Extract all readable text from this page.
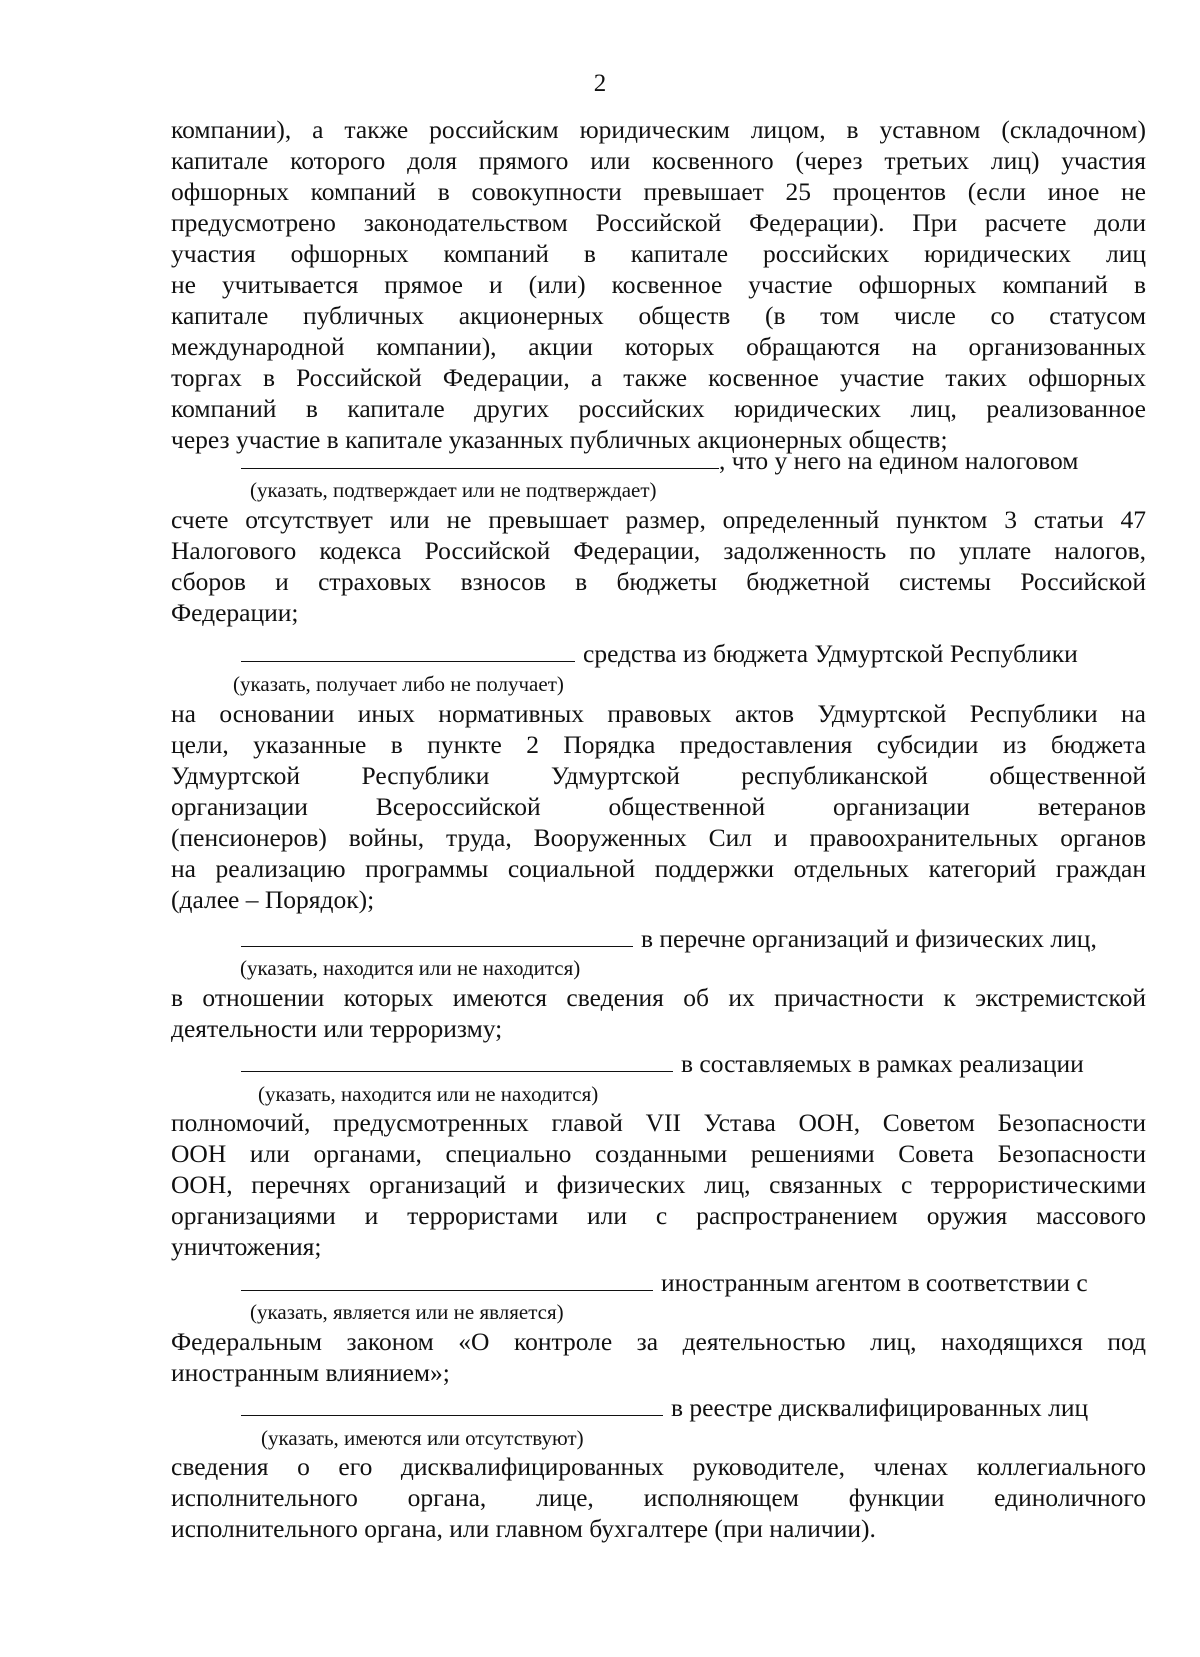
2
компании), а также российским юридическим лицом, в уставном (складочном)
капитале которого доля прямого или косвенного (через третьих лиц) участия
офшорных компаний в совокупности превышает 25 процентов (если иное не
предусмотрено законодательством Российской Федерации). При расчете доли
участия офшорных компаний в капитале российских юридических лиц
не учитывается прямое и (или) косвенное участие офшорных компаний в
капитале публичных акционерных обществ (в том числе со статусом
международной компании), акции которых обращаются на организованных
торгах в Российской Федерации, а также косвенное участие таких офшорных
компаний в капитале других российских юридических лиц, реализованное
через участие в капитале указанных публичных акционерных обществ;
, что у него на едином налоговом
(указать, подтверждает или не подтверждает)
счете отсутствует или не превышает размер, определенный пунктом 3 статьи 47
Налогового кодекса Российской Федерации, задолженность по уплате налогов,
сборов и страховых взносов в бюджеты бюджетной системы Российской
Федерации;
средства из бюджета Удмуртской Республики
(указать, получает либо не получает)
на основании иных нормативных правовых актов Удмуртской Республики на
цели, указанные в пункте 2 Порядка предоставления субсидии из бюджета
Удмуртской Республики Удмуртской республиканской общественной
организации Всероссийской общественной организации ветеранов
(пенсионеров) войны, труда, Вооруженных Сил и правоохранительных органов
на реализацию программы социальной поддержки отдельных категорий граждан
(далее – Порядок);
в перечне организаций и физических лиц,
(указать, находится или не находится)
в отношении которых имеются сведения об их причастности к экстремистской
деятельности или терроризму;
в составляемых в рамках реализации
(указать, находится или не находится)
полномочий, предусмотренных главой VII Устава ООН, Советом Безопасности
ООН или органами, специально созданными решениями Совета Безопасности
ООН, перечнях организаций и физических лиц, связанных с террористическими
организациями и террористами или с распространением оружия массового
уничтожения;
иностранным агентом в соответствии с
(указать, является или не является)
Федеральным законом «О контроле за деятельностью лиц, находящихся под
иностранным влиянием»;
в реестре дисквалифицированных лиц
(указать, имеются или отсутствуют)
сведения о его дисквалифицированных руководителе, членах коллегиального
исполнительного органа, лице, исполняющем функции единоличного
исполнительного органа, или главном бухгалтере (при наличии).
